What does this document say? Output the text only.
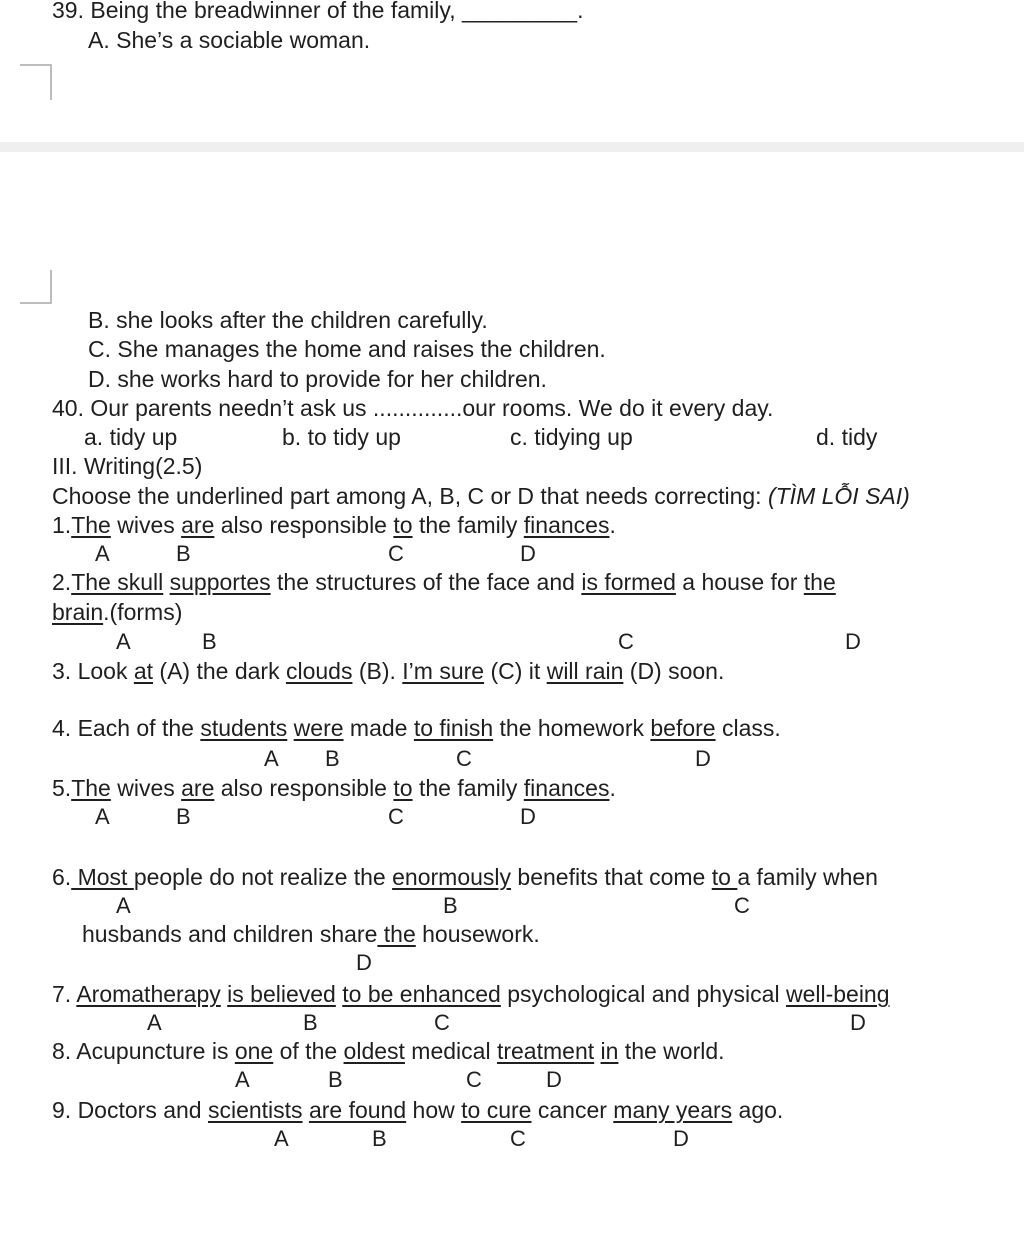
39. Being the breadwinner of the family, _________.
A. She’s a sociable woman.
B. she looks after the children carefully.
C. She manages the home and raises the children.
D. she works hard to provide for her children.
40. Our parents needn’t ask us ..............our rooms. We do it every day.
a. tidy up	b. to tidy up	c. tidying up	d. tidy
III. Writing(2.5)
Choose the underlined part among A, B, C or D that needs correcting: (TÌM LỖI SAI)
1.The wives are also responsible to the family finances.
A	B	C	D
2.The skull supportes the structures of the face and is formed a house for the
brain.(forms)
A	B	C	D
3. Look at (A) the dark clouds (B). I’m sure (C) it will rain (D) soon.
4. Each of the students were made to finish the homework before class.
A B	C	D
5.The wives are also responsible to the family finances.
A	B	C	D
6. Most people do not realize the enormously benefits that come to a family when
A	B	C
husbands and children share the housework.
D
7. Aromatherapy is believed to be enhanced psychological and physical well-being
A	B	C	D
8. Acupuncture is one of the oldest medical treatment in the world.
A	B	C	D
9. Doctors and scientists are found how to cure cancer many years ago.
A	B	C	D
